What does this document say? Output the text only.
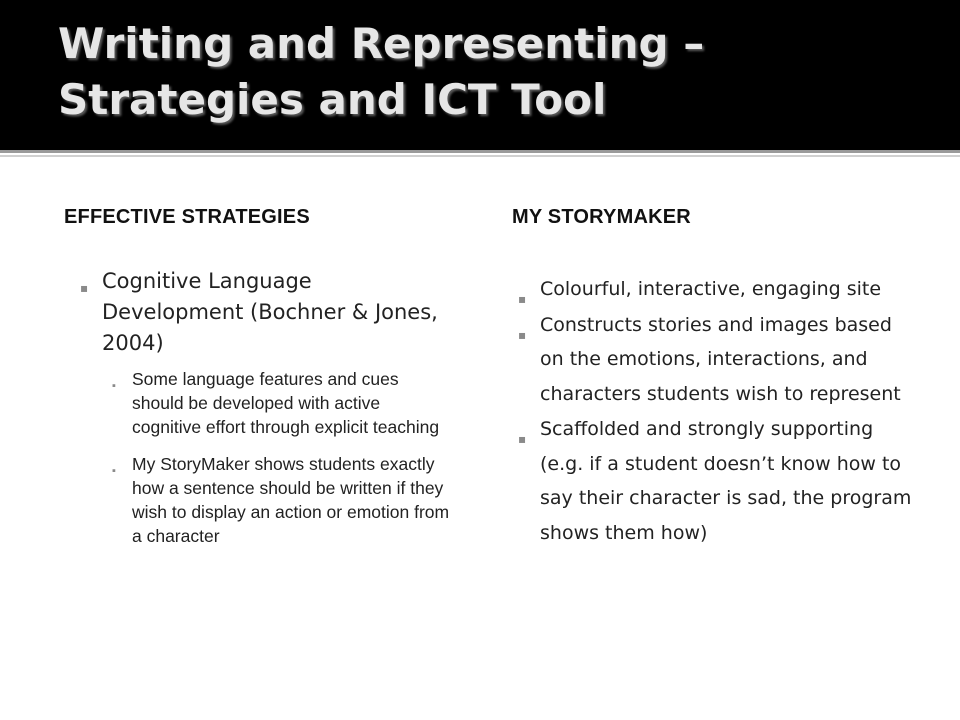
Writing and Representing –
Strategies and ICT Tool
EFFECTIVE STRATEGIES	MY STORYMAKER
▪ Cognitive Language Development (Bochner & Jones, 2004)
▪ Some language features and cues should be developed with active cognitive effort through explicit teaching
▪ My StoryMaker shows students exactly how a sentence should be written if they wish to display an action or emotion from a character
▪ Colourful, interactive, engaging site
▪ Constructs stories and images based on the emotions, interactions, and characters students wish to represent
▪ Scaffolded and strongly supporting (e.g. if a student doesn’t know how to say their character is sad, the program shows them how)
